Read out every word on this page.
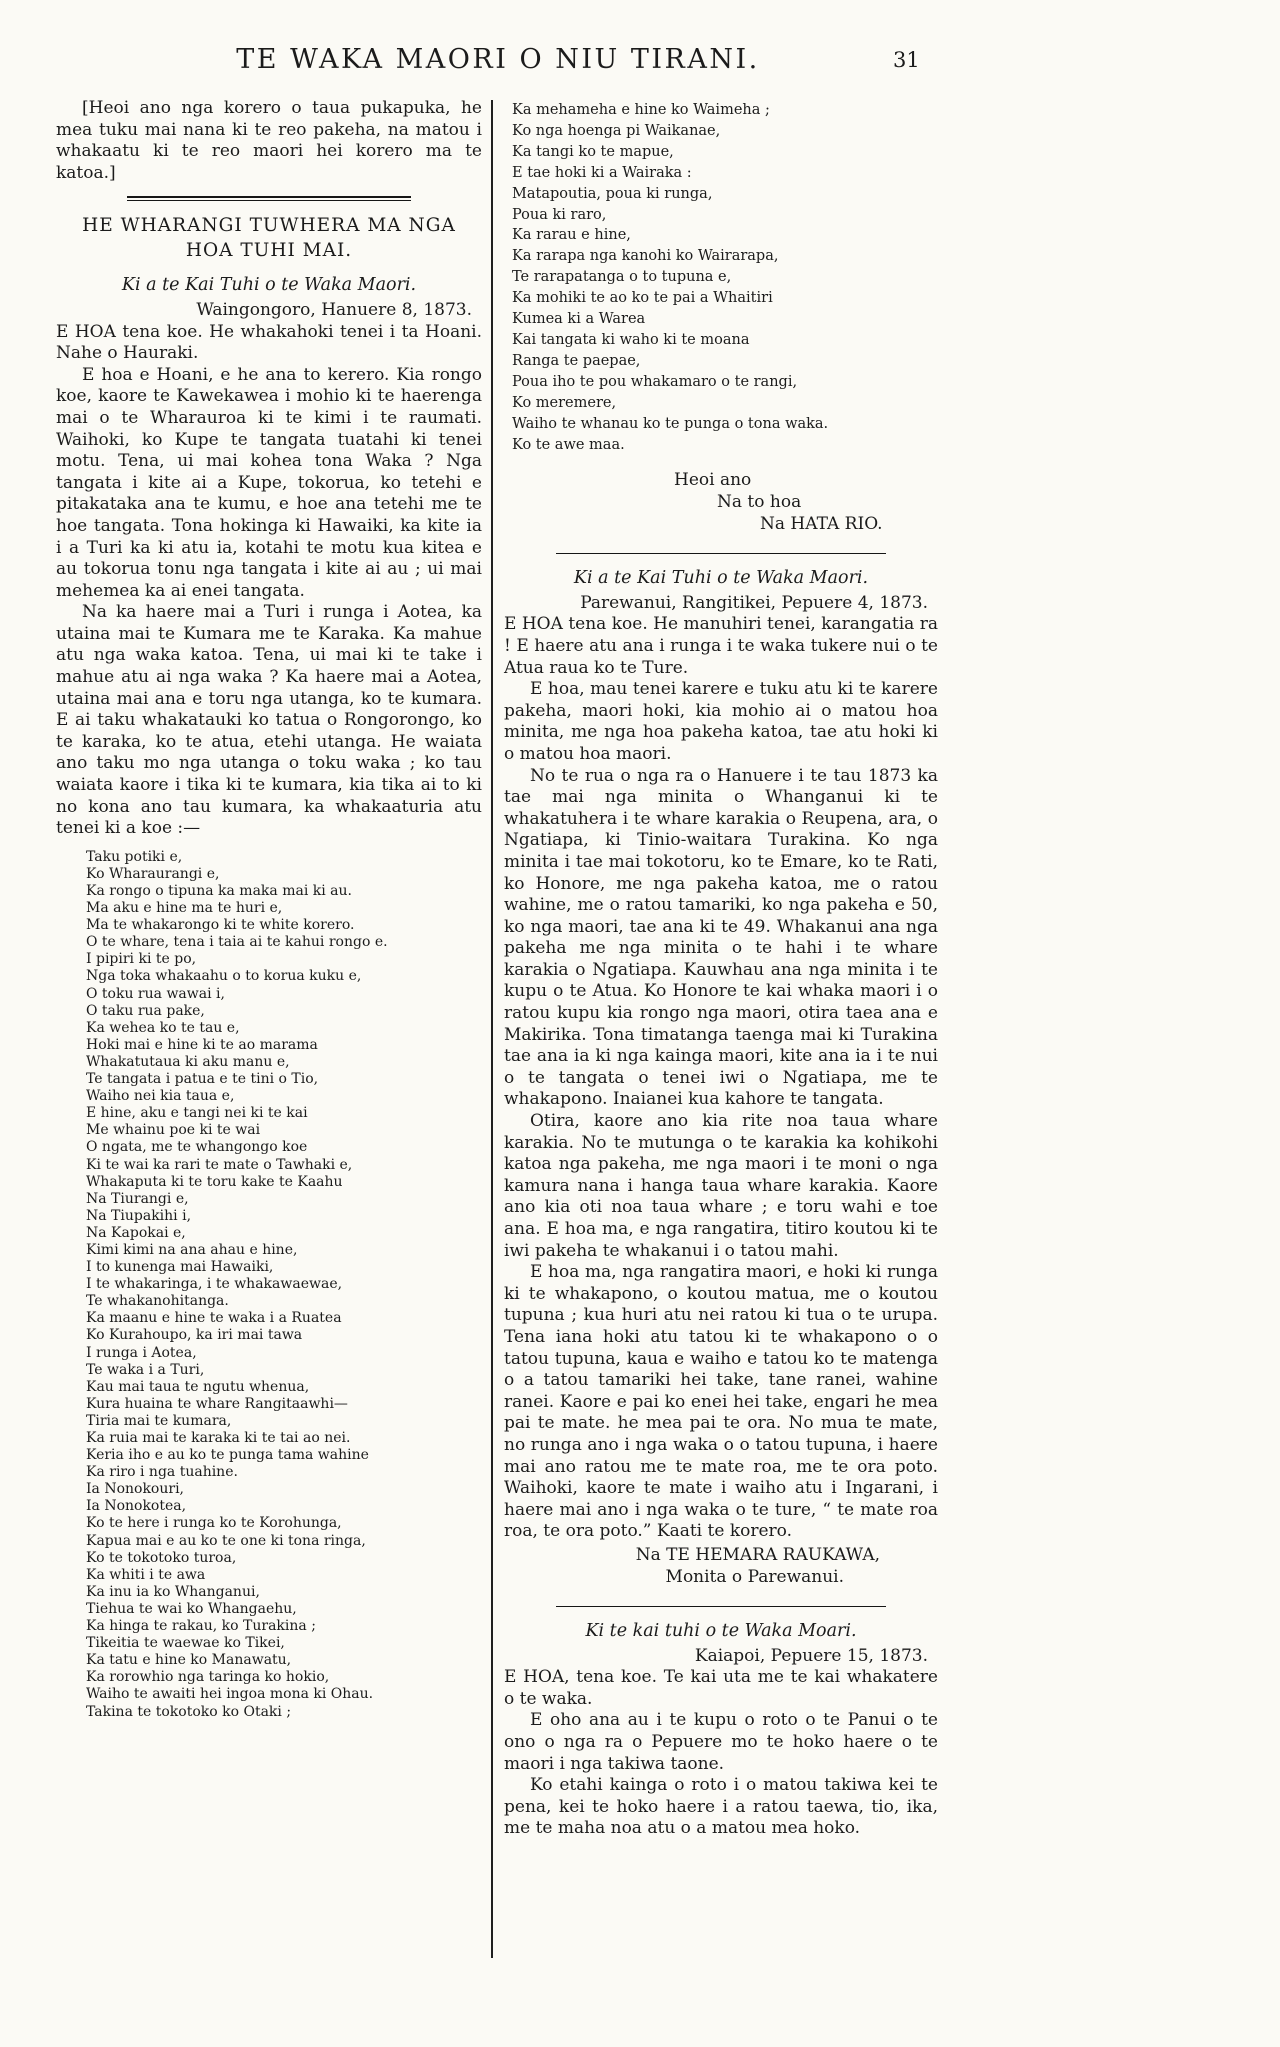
TE WAKA MAORI O NIU TIRANI.	31

[Heoi ano nga korero o taua pukapuka, he mea tuku mai nana ki te reo pakeha, na matou i whakaatu ki te reo maori hei korero ma te katoa.]

HE WHARANGI TUWHERA MA NGA HOA TUHI MAI.
Ki a te Kai Tuhi o te Waka Maori.
Waingongoro, Hanuere 8, 1873.

E HOA tena koe. He whakahoki tenei i ta Hoani. Nahe o Hauraki.

E hoa e Hoani, e he ana to kerero. Kia rongo koe, kaore te Kawekawea i mohio ki te haerenga mai o te Wharauroa ki te kimi i te raumati. Waihoki, ko Kupe te tangata tuatahi ki tenei motu. Tena, ui mai kohea tona Waka ? Nga tangata i kite ai a Kupe, tokorua, ko tetehi e pitakataka ana te kumu, e hoe ana tetehi me te hoe tangata. Tona hokinga ki Hawaiki, ka kite ia i a Turi ka ki atu ia, kotahi te motu kua kitea e au tokorua tonu nga tangata i kite ai au ; ui mai mehemea ka ai enei tangata.

Na ka haere mai a Turi i runga i Aotea, ka utaina mai te Kumara me te Karaka. Ka mahue atu nga waka katoa. Tena, ui mai ki te take i mahue atu ai nga waka ? Ka haere mai a Aotea, utaina mai ana e toru nga utanga, ko te kumara. E ai taku whakatauki ko tatua o Rongorongo, ko te karaka, ko te atua, etehi utanga. He waiata ano taku mo nga utanga o toku waka ; ko tau waiata kaore i tika ki te kumara, kia tika ai to ki no kona ano tau kumara, ka whakaaturia atu tenei ki a koe :—

Taku potiki e,
Ko Wharaurangi e,
Ka rongo o tipuna ka maka mai ki au.
Ma aku e hine ma te huri e,
Ma te whakarongo ki te white korero.
O te whare, tena i taia ai te kahui rongo e.
I pipiri ki te po,
Nga toka whakaahu o to korua kuku e,
O toku rua wawai i,
O taku rua pake,
Ka wehea ko te tau e,
Hoki mai e hine ki te ao marama
Whakatutaua ki aku manu e,
Te tangata i patua e te tini o Tio,
Waiho nei kia taua e,
E hine, aku e tangi nei ki te kai
Me whainu poe ki te wai
O ngata, me te whangongo koe
Ki te wai ka rari te mate o Tawhaki e,
Whakaputa ki te toru kake te Kaahu
Na Tiurangi e,
Na Tiupakihi i,
Na Kapokai e,
Kimi kimi na ana ahau e hine,
I to kunenga mai Hawaiki,
I te whakaringa, i te whakawaewae,
Te whakanohitanga.
Ka maanu e hine te waka i a Ruatea
Ko Kurahoupo, ka iri mai tawa
I runga i Aotea,
Te waka i a Turi,
Kau mai taua te ngutu whenua,
Kura huaina te whare Rangitaawhi—
Tiria mai te kumara,
Ka ruia mai te karaka ki te tai ao nei.
Keria iho e au ko te punga tama wahine
Ka riro i nga tuahine.
Ia Nonokouri,
Ia Nonokotea,
Ko te here i runga ko te Korohunga,
Kapua mai e au ko te one ki tona ringa,
Ko te tokotoko turoa,
Ka whiti i te awa
Ka inu ia ko Whanganui,
Tiehua te wai ko Whangaehu,
Ka hinga te rakau, ko Turakina ;
Tikeitia te waewae ko Tikei,
Ka tatu e hine ko Manawatu,
Ka rorowhio nga taringa ko hokio,
Waiho te awaiti hei ingoa mona ki Ohau.
Takina te tokotoko ko Otaki ;
Ka mehameha e hine ko Waimeha ;
Ko nga hoenga pi Waikanae,
Ka tangi ko te mapue,
E tae hoki ki a Wairaka :
Matapoutia, poua ki runga,
Poua ki raro,
Ka rarau e hine,
Ka rarapa nga kanohi ko Wairarapa,
Te rarapatanga o to tupuna e,
Ka mohiki te ao ko te pai a Whaitiri
Kumea ki a Warea
Kai tangata ki waho ki te moana
Ranga te paepae,
Poua iho te pou whakamaro o te rangi,
Ko meremere,
Waiho te whanau ko te punga o tona waka.
Ko te awe maa.
Heoi ano
Na to hoa
Na HATA RIO.
Ki a te Kai Tuhi o te Waka Maori.
Parewanui, Rangitikei, Pepuere 4, 1873.

E HOA tena koe. He manuhiri tenei, karangatia ra ! E haere atu ana i runga i te waka tukere nui o te Atua raua ko te Ture.

E hoa, mau tenei karere e tuku atu ki te karere pakeha, maori hoki, kia mohio ai o matou hoa minita, me nga hoa pakeha katoa, tae atu hoki ki o matou hoa maori.

No te rua o nga ra o Hanuere i te tau 1873 ka tae mai nga minita o Whanganui ki te whakatuhera i te whare karakia o Reupena, ara, o Ngatiapa, ki Tinio-waitara Turakina. Ko nga minita i tae mai tokotoru, ko te Emare, ko te Rati, ko Honore, me nga pakeha katoa, me o ratou wahine, me o ratou tamariki, ko nga pakeha e 50, ko nga maori, tae ana ki te 49. Whakanui ana nga pakeha me nga minita o te hahi i te whare karakia o Ngatiapa. Kauwhau ana nga minita i te kupu o te Atua. Ko Honore te kai whaka maori i o ratou kupu kia rongo nga maori, otira taea ana e Makirika. Tona timatanga taenga mai ki Turakina tae ana ia ki nga kainga maori, kite ana ia i te nui o te tangata o tenei iwi o Ngatiapa, me te whakapono. Inaianei kua kahore te tangata.

Otira, kaore ano kia rite noa taua whare karakia. No te mutunga o te karakia ka kohikohi katoa nga pakeha, me nga maori i te moni o nga kamura nana i hanga taua whare karakia. Kaore ano kia oti noa taua whare ; e toru wahi e toe ana. E hoa ma, e nga rangatira, titiro koutou ki te iwi pakeha te whakanui i o tatou mahi.

E hoa ma, nga rangatira maori, e hoki ki runga ki te whakapono, o koutou matua, me o koutou tupuna ; kua huri atu nei ratou ki tua o te urupa. Tena iana hoki atu tatou ki te whakapono o o tatou tupuna, kaua e waiho e tatou ko te matenga o a tatou tamariki hei take, tane ranei, wahine ranei. Kaore e pai ko enei hei take, engari he mea pai te mate. he mea pai te ora. No mua te mate, no runga ano i nga waka o o tatou tupuna, i haere mai ano ratou me te mate roa, me te ora poto. Waihoki, kaore te mate i waiho atu i Ingarani, i haere mai ano i nga waka o te ture, “ te mate roa roa, te ora poto.” Kaati te korero.

Na TE HEMARA RAUKAWA,
Monita o Parewanui.
Ki te kai tuhi o te Waka Moari.
Kaiapoi, Pepuere 15, 1873.

E HOA, tena koe. Te kai uta me te kai whakatere o te waka.

E oho ana au i te kupu o roto o te Panui o te ono o nga ra o Pepuere mo te hoko haere o te maori i nga takiwa taone.

Ko etahi kainga o roto i o matou takiwa kei te pena, kei te hoko haere i a ratou taewa, tio, ika, me te maha noa atu o a matou mea hoko.
